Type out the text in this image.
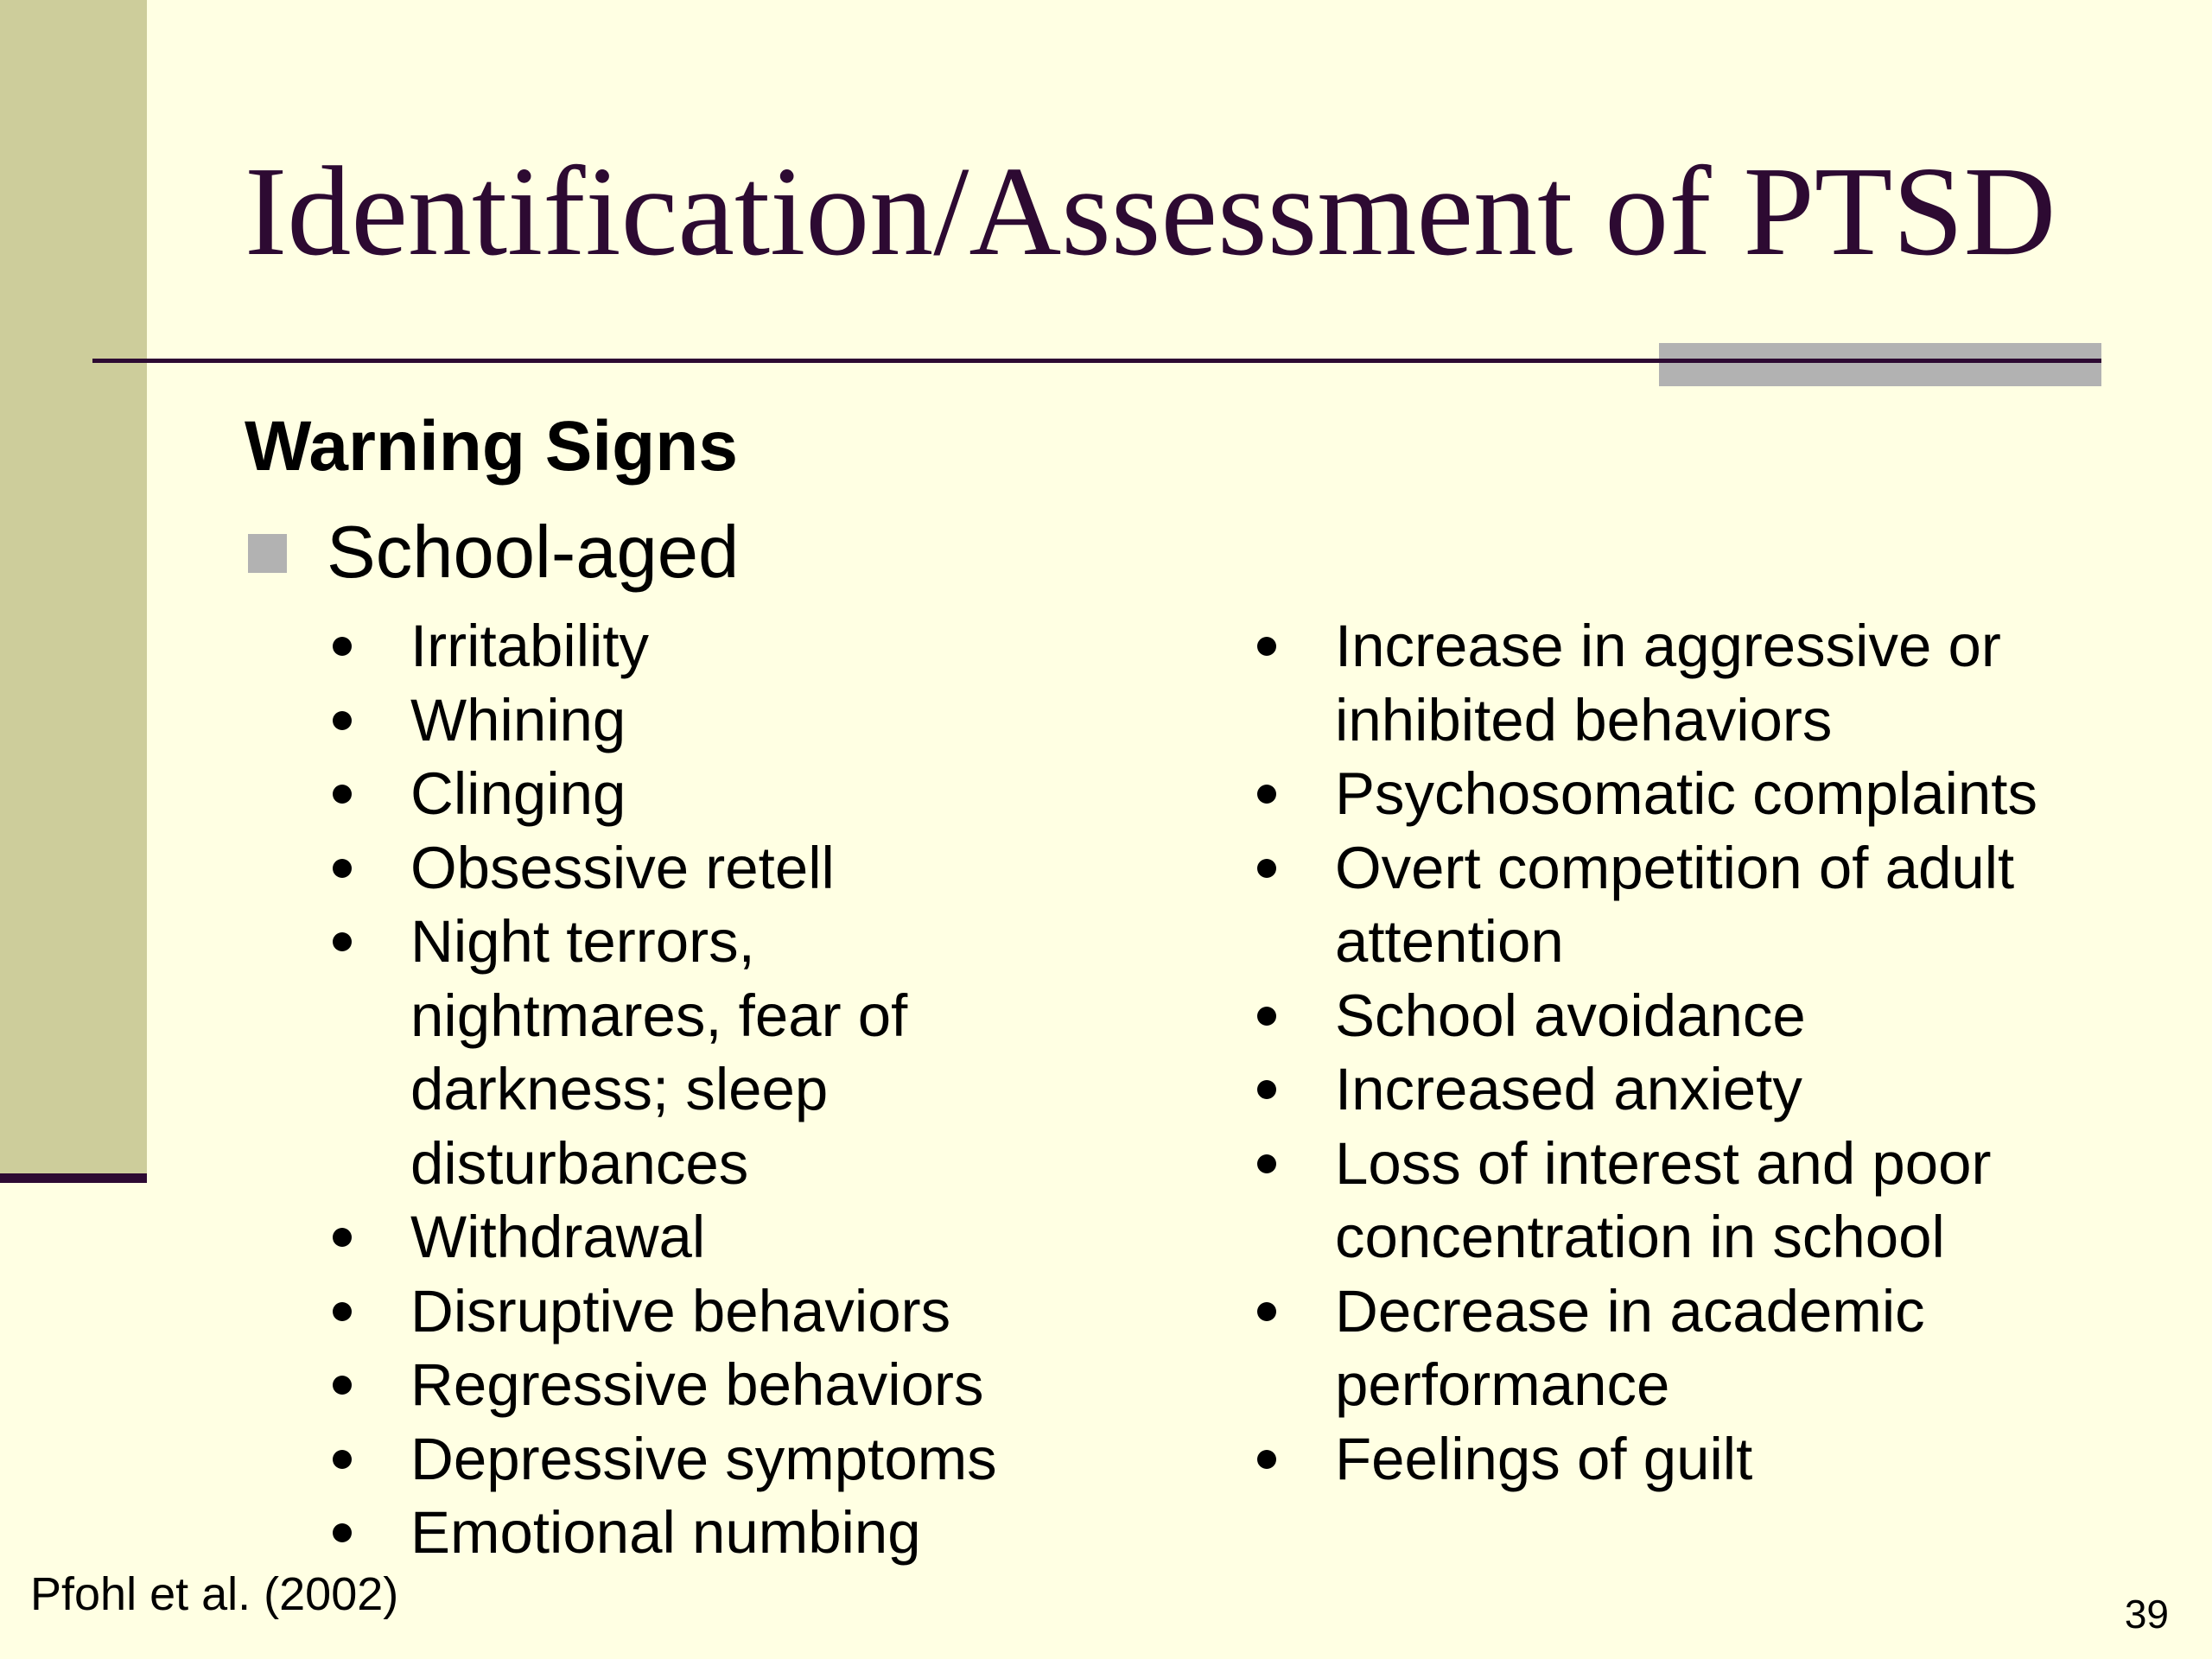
Identification/Assessment of PTSD
Warning Signs
School-aged
Irritability
Whining
Clinging
Obsessive retell
Night terrors, nightmares, fear of darkness; sleep disturbances
Withdrawal
Disruptive behaviors
Regressive behaviors
Depressive symptoms
Emotional numbing
Increase in aggressive or inhibited behaviors
Psychosomatic complaints
Overt competition of adult attention
School avoidance
Increased anxiety
Loss of interest and poor concentration in school
Decrease in academic performance
Feelings of guilt
Pfohl et al. (2002)	39
